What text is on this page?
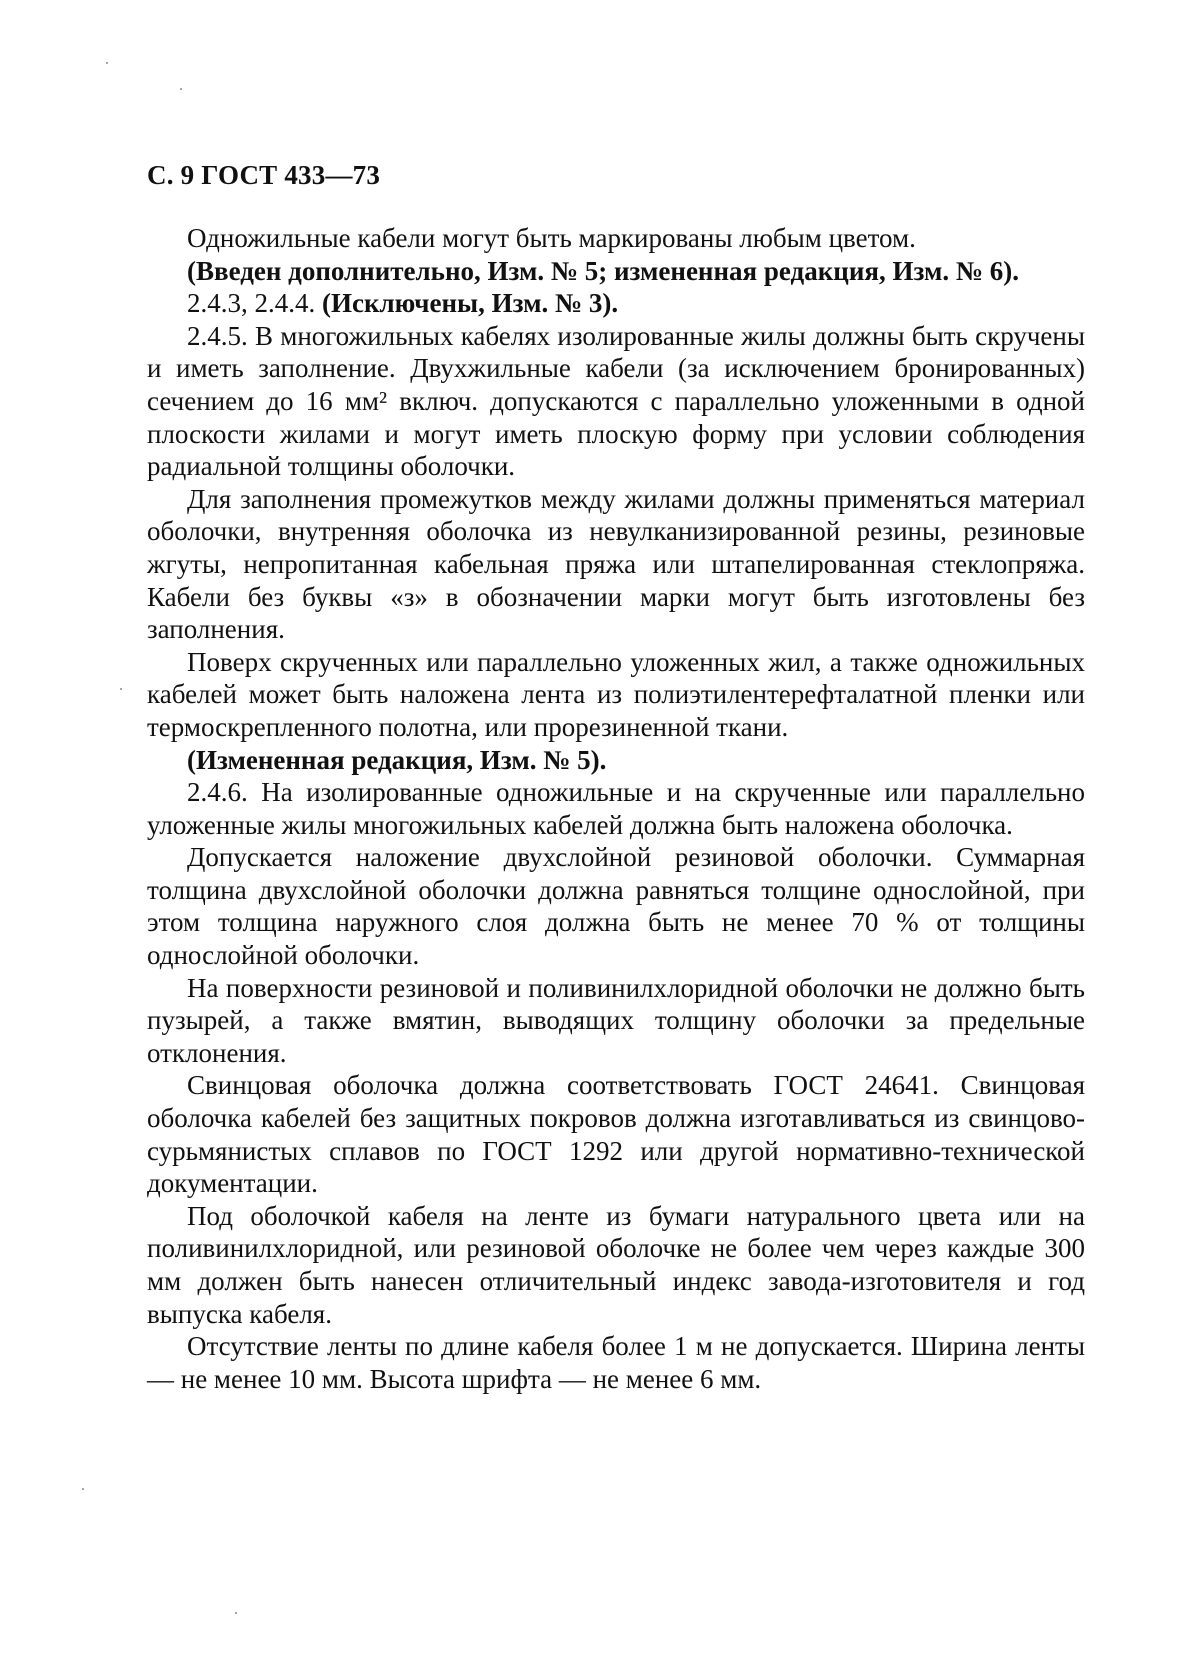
С. 9 ГОСТ 433—73

Одножильные кабели могут быть маркированы любым цветом.

(Введен дополнительно, Изм. № 5; измененная редакция, Изм. № 6).

2.4.3, 2.4.4. (Исключены, Изм. № 3).

2.4.5. В многожильных кабелях изолированные жилы должны быть скручены и иметь заполнение. Двухжильные кабели (за исключением бронированных) сечением до 16 мм² включ. допускаются с параллельно уложенными в одной плоскости жилами и могут иметь плоскую форму при условии соблюдения радиальной толщины оболочки.

Для заполнения промежутков между жилами должны применяться материал оболочки, внутренняя оболочка из невулканизированной резины, резиновые жгуты, непропитанная кабельная пряжа или штапелированная стеклопряжа. Кабели без буквы «з» в обозначении марки могут быть изготовлены без заполнения.

Поверх скрученных или параллельно уложенных жил, а также одножильных кабелей может быть наложена лента из полиэтилентерефталатной пленки или термоскрепленного полотна, или прорезиненной ткани.

(Измененная редакция, Изм. № 5).

2.4.6. На изолированные одножильные и на скрученные или параллельно уложенные жилы многожильных кабелей должна быть наложена оболочка.

Допускается наложение двухслойной резиновой оболочки. Суммарная толщина двухслойной оболочки должна равняться толщине однослойной, при этом толщина наружного слоя должна быть не менее 70 % от толщины однослойной оболочки.

На поверхности резиновой и поливинилхлоридной оболочки не должно быть пузырей, а также вмятин, выводящих толщину оболочки за предельные отклонения.

Свинцовая оболочка должна соответствовать ГОСТ 24641. Свинцовая оболочка кабелей без защитных покровов должна изготавливаться из свинцово-сурьмянистых сплавов по ГОСТ 1292 или другой нормативно-технической документации.

Под оболочкой кабеля на ленте из бумаги натурального цвета или на поливинилхлоридной, или резиновой оболочке не более чем через каждые 300 мм должен быть нанесен отличительный индекс завода-изготовителя и год выпуска кабеля.

Отсутствие ленты по длине кабеля более 1 м не допускается. Ширина ленты — не менее 10 мм. Высота шрифта — не менее 6 мм.
